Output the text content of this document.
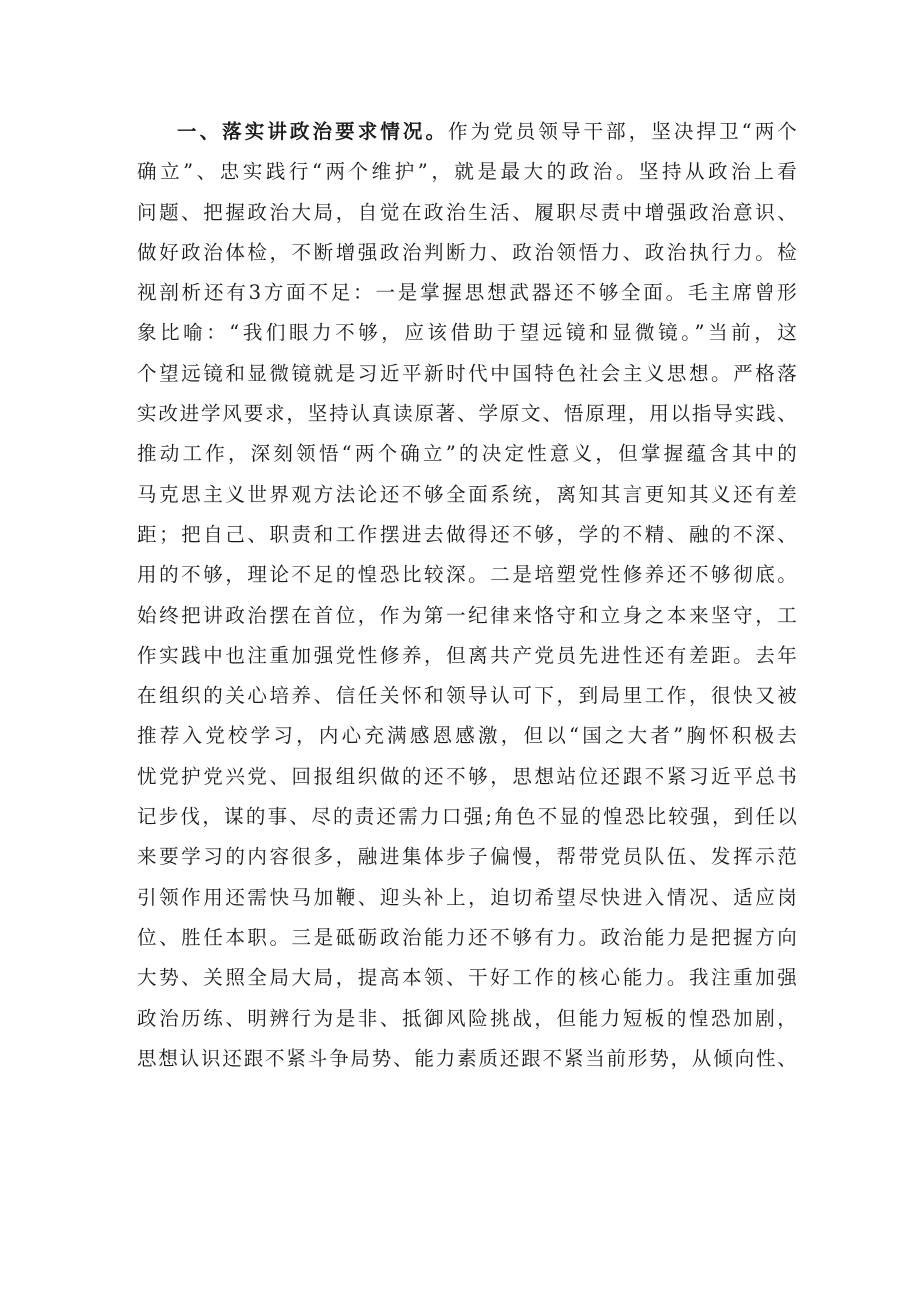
一、落实讲政治要求情况。作为党员领导干部，坚决捍卫“两个
确立”、忠实践行“两个维护”，就是最大的政治。坚持从政治上看
问题、把握政治大局，自觉在政治生活、履职尽责中增强政治意识、
做好政治体检，不断增强政治判断力、政治领悟力、政治执行力。检
视剖析还有3方面不足：一是掌握思想武器还不够全面。毛主席曾形
象比喻：“我们眼力不够，应该借助于望远镜和显微镜。”当前，这
个望远镜和显微镜就是习近平新时代中国特色社会主义思想。严格落
实改进学风要求，坚持认真读原著、学原文、悟原理，用以指导实践、
推动工作，深刻领悟“两个确立”的决定性意义，但掌握蕴含其中的
马克思主义世界观方法论还不够全面系统，离知其言更知其义还有差
距；把自己、职责和工作摆进去做得还不够，学的不精、融的不深、
用的不够，理论不足的惶恐比较深。二是培塑党性修养还不够彻底。
始终把讲政治摆在首位，作为第一纪律来恪守和立身之本来坚守，工
作实践中也注重加强党性修养，但离共产党员先进性还有差距。去年
在组织的关心培养、信任关怀和领导认可下，到局里工作，很快又被
推荐入党校学习，内心充满感恩感激，但以“国之大者”胸怀积极去
忧党护党兴党、回报组织做的还不够，思想站位还跟不紧习近平总书
记步伐，谋的事、尽的责还需力口强;角色不显的惶恐比较强，到任以
来要学习的内容很多，融进集体步子偏慢，帮带党员队伍、发挥示范
引领作用还需快马加鞭、迎头补上，迫切希望尽快进入情况、适应岗
位、胜任本职。三是砥砺政治能力还不够有力。政治能力是把握方向
大势、关照全局大局，提高本领、干好工作的核心能力。我注重加强
政治历练、明辨行为是非、抵御风险挑战，但能力短板的惶恐加剧，
思想认识还跟不紧斗争局势、能力素质还跟不紧当前形势，从倾向性、
